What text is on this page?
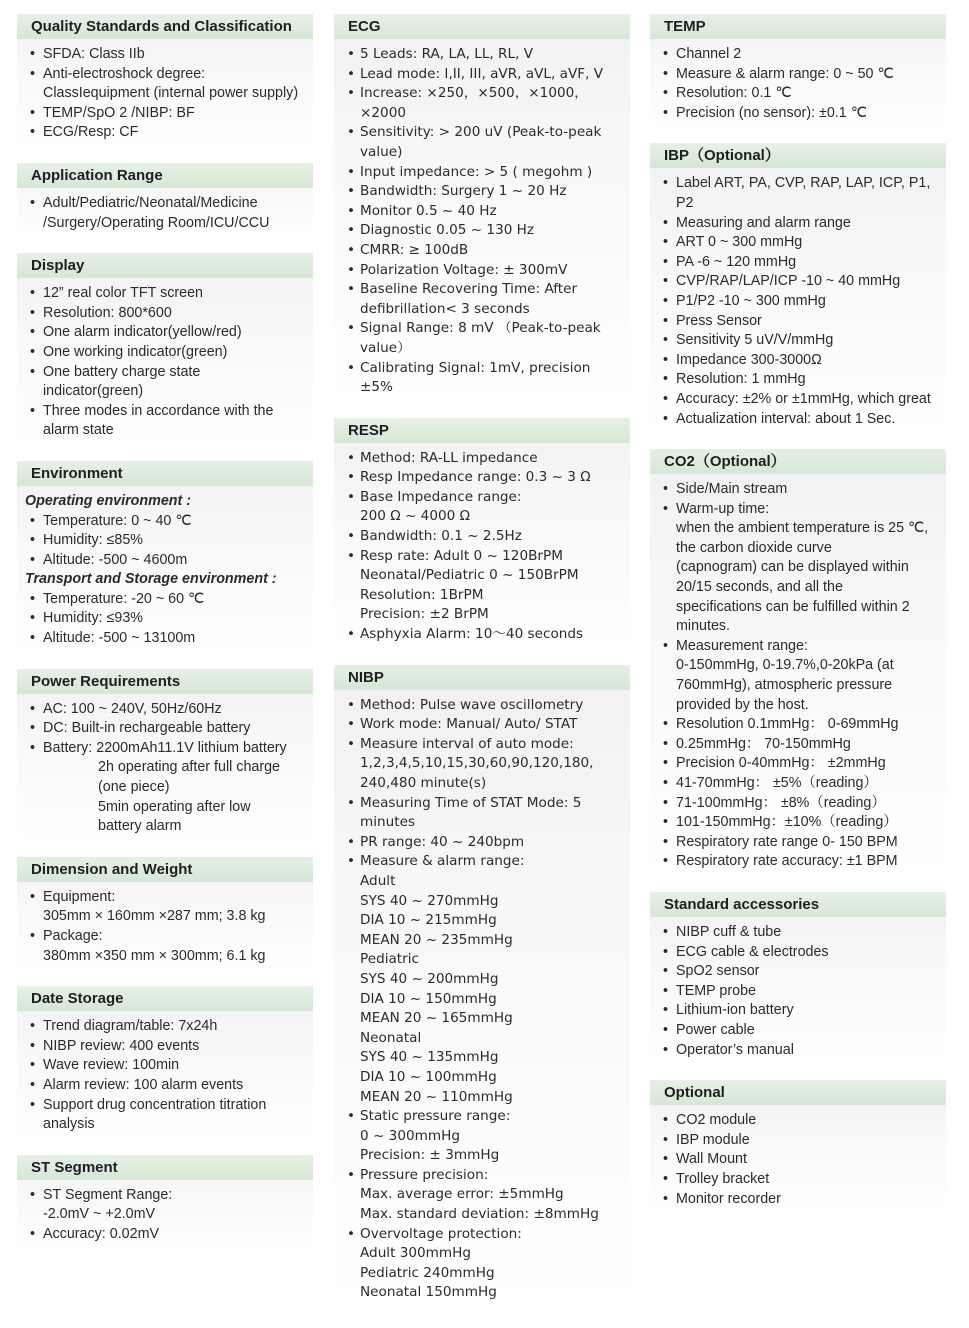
Quality Standards and Classification
• SFDA: Class IIb
• Anti-electroshock degree:
ClassIequipment (internal power supply)
• TEMP/SpO 2 /NIBP: BF
• ECG/Resp: CF
Application Range
• Adult/Pediatric/Neonatal/Medicine
/Surgery/Operating Room/ICU/CCU
Display
• 12” real color TFT screen
• Resolution: 800*600
• One alarm indicator(yellow/red)
• One working indicator(green)
• One battery charge state
indicator(green)
• Three modes in accordance with the
alarm state
Environment
Operating environment :
• Temperature: 0 ~ 40 ℃
• Humidity: ≤85%
• Altitude: -500 ~ 4600m
Transport and Storage environment :
• Temperature: -20 ~ 60 ℃
• Humidity: ≤93%
• Altitude: -500 ~ 13100m
Power Requirements
• AC: 100 ~ 240V, 50Hz/60Hz
• DC: Built-in rechargeable battery
• Battery: 2200mAh11.1V lithium battery
2h operating after full charge
(one piece)
5min operating after low
battery alarm
Dimension and Weight
• Equipment:
305mm × 160mm ×287 mm; 3.8 kg
• Package:
380mm ×350 mm × 300mm; 6.1 kg
Date Storage
• Trend diagram/table: 7x24h
• NIBP review: 400 events
• Wave review: 100min
• Alarm review: 100 alarm events
• Support drug concentration titration
analysis
ST Segment
• ST Segment Range:
-2.0mV ~ +2.0mV
• Accuracy: 0.02mV
ECG
• 5 Leads: RA, LA, LL, RL, V
• Lead mode: I,II, III, aVR, aVL, aVF, V
• Increase: ×250，×500，×1000，
×2000
• Sensitivity: > 200 uV (Peak-to-peak
value)
• Input impedance: > 5 ( megohm )
• Bandwidth: Surgery 1 ~ 20 Hz
• Monitor 0.5 ~ 40 Hz
• Diagnostic 0.05 ~ 130 Hz
• CMRR: ≥ 100dB
• Polarization Voltage: ± 300mV
• Baseline Recovering Time: After
defibrillation< 3 seconds
• Signal Range: 8 mV （Peak-to-peak
value）
• Calibrating Signal: 1mV, precision
±5%
RESP
• Method: RA-LL impedance
• Resp Impedance range: 0.3 ~ 3 Ω
• Base Impedance range:
200 Ω ~ 4000 Ω
• Bandwidth: 0.1 ~ 2.5Hz
• Resp rate: Adult 0 ~ 120BrPM
Neonatal/Pediatric 0 ~ 150BrPM
Resolution: 1BrPM
Precision: ±2 BrPM
• Asphyxia Alarm: 10～40 seconds
NIBP
• Method: Pulse wave oscillometry
• Work mode: Manual/ Auto/ STAT
• Measure interval of auto mode:
1,2,3,4,5,10,15,30,60,90,120,180,
240,480 minute(s)
• Measuring Time of STAT Mode: 5
minutes
• PR range: 40 ~ 240bpm
• Measure & alarm range:
Adult
SYS 40 ~ 270mmHg
DIA 10 ~ 215mmHg
MEAN 20 ~ 235mmHg
Pediatric
SYS 40 ~ 200mmHg
DIA 10 ~ 150mmHg
MEAN 20 ~ 165mmHg
Neonatal
SYS 40 ~ 135mmHg
DIA 10 ~ 100mmHg
MEAN 20 ~ 110mmHg
• Static pressure range:
0 ~ 300mmHg
Precision: ± 3mmHg
• Pressure precision:
Max. average error: ±5mmHg
Max. standard deviation: ±8mmHg
• Overvoltage protection:
Adult 300mmHg
Pediatric 240mmHg
Neonatal 150mmHg
TEMP
• Channel 2
• Measure & alarm range: 0 ~ 50 ℃
• Resolution: 0.1 ℃
• Precision (no sensor): ±0.1 ℃
IBP（Optional）
• Label ART, PA, CVP, RAP, LAP, ICP, P1, P2
• Measuring and alarm range
• ART 0 ~ 300 mmHg
• PA -6 ~ 120 mmHg
• CVP/RAP/LAP/ICP -10 ~ 40 mmHg
• P1/P2 -10 ~ 300 mmHg
• Press Sensor
• Sensitivity 5 uV/V/mmHg
• Impedance 300-3000Ω
• Resolution: 1 mmHg
• Accuracy: ±2% or ±1mmHg, which great
• Actualization interval: about 1 Sec.
CO2（Optional）
• Side/Main stream
• Warm-up time:
when the ambient temperature is 25 ℃,
the carbon dioxide curve
(capnogram) can be displayed within
20/15 seconds, and all the
specifications can be fulfilled within 2
minutes.
• Measurement range:
0-150mmHg, 0-19.7%,0-20kPa (at
760mmHg), atmospheric pressure
provided by the host.
• Resolution 0.1mmHg： 0-69mmHg
• 0.25mmHg： 70-150mmHg
• Precision 0-40mmHg： ±2mmHg
• 41-70mmHg： ±5%（reading）
• 71-100mmHg： ±8%（reading）
• 101-150mmHg：±10%（reading）
• Respiratory rate range 0- 150 BPM
• Respiratory rate accuracy: ±1 BPM
Standard accessories
• NIBP cuff & tube
• ECG cable & electrodes
• SpO2 sensor
• TEMP probe
• Lithium-ion battery
• Power cable
• Operator’s manual
Optional
• CO2 module
• IBP module
• Wall Mount
• Trolley bracket
• Monitor recorder
